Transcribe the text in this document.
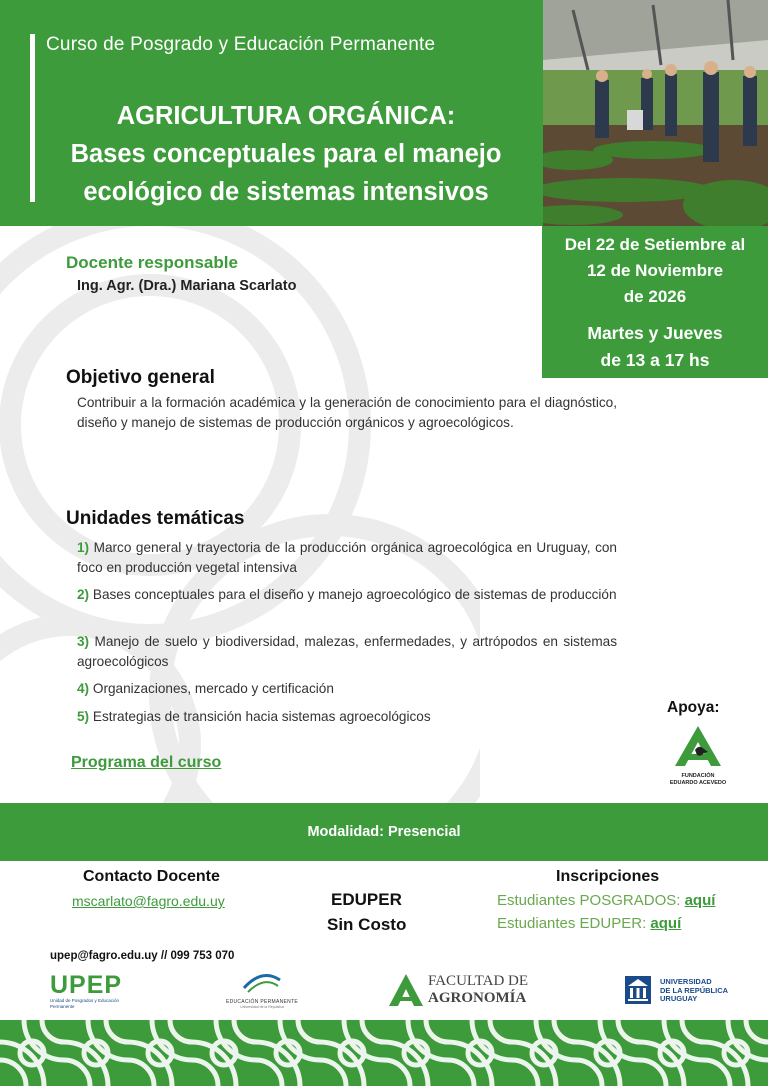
Curso de Posgrado y Educación Permanente
AGRICULTURA ORGÁNICA:
Bases conceptuales para el manejo
ecológico de sistemas intensivos
Del 22 de Setiembre al
12 de Noviembre
de 2026
Martes y Jueves
de 13 a 17 hs
Docente responsable
Ing. Agr. (Dra.) Mariana Scarlato
Objetivo general
Contribuir a la formación académica y la generación de conocimiento para el diagnóstico, diseño y manejo de sistemas de producción orgánicos y agroecológicos.
Unidades temáticas
1) Marco general y trayectoria de la producción orgánica agroecológica en Uruguay, con foco en producción vegetal intensiva
2) Bases conceptuales para el diseño y manejo agroecológico de sistemas de producción
3) Manejo de suelo y biodiversidad, malezas, enfermedades, y artrópodos en sistemas agroecológicos
4) Organizaciones, mercado y certificación
5) Estrategias de transición hacia sistemas agroecológicos
Programa del curso
Apoya:
FUNDACIÓN
EDUARDO ACEVEDO
Modalidad: Presencial
Contacto Docente
mscarlato@fagro.edu.uy	EDUPER
Sin Costo
Inscripciones
Estudiantes POSGRADOS: aquí
Estudiantes EDUPER: aquí
upep@fagro.edu.uy // 099 753 070
UPEP
Unidad de Posgrados y Educación Permanente
EDUCACIÓN PERMANENTE
Universidad de la República
FACULTAD DE
AGRONOMÍA
UNIVERSIDAD
DE LA REPÚBLICA
URUGUAY
